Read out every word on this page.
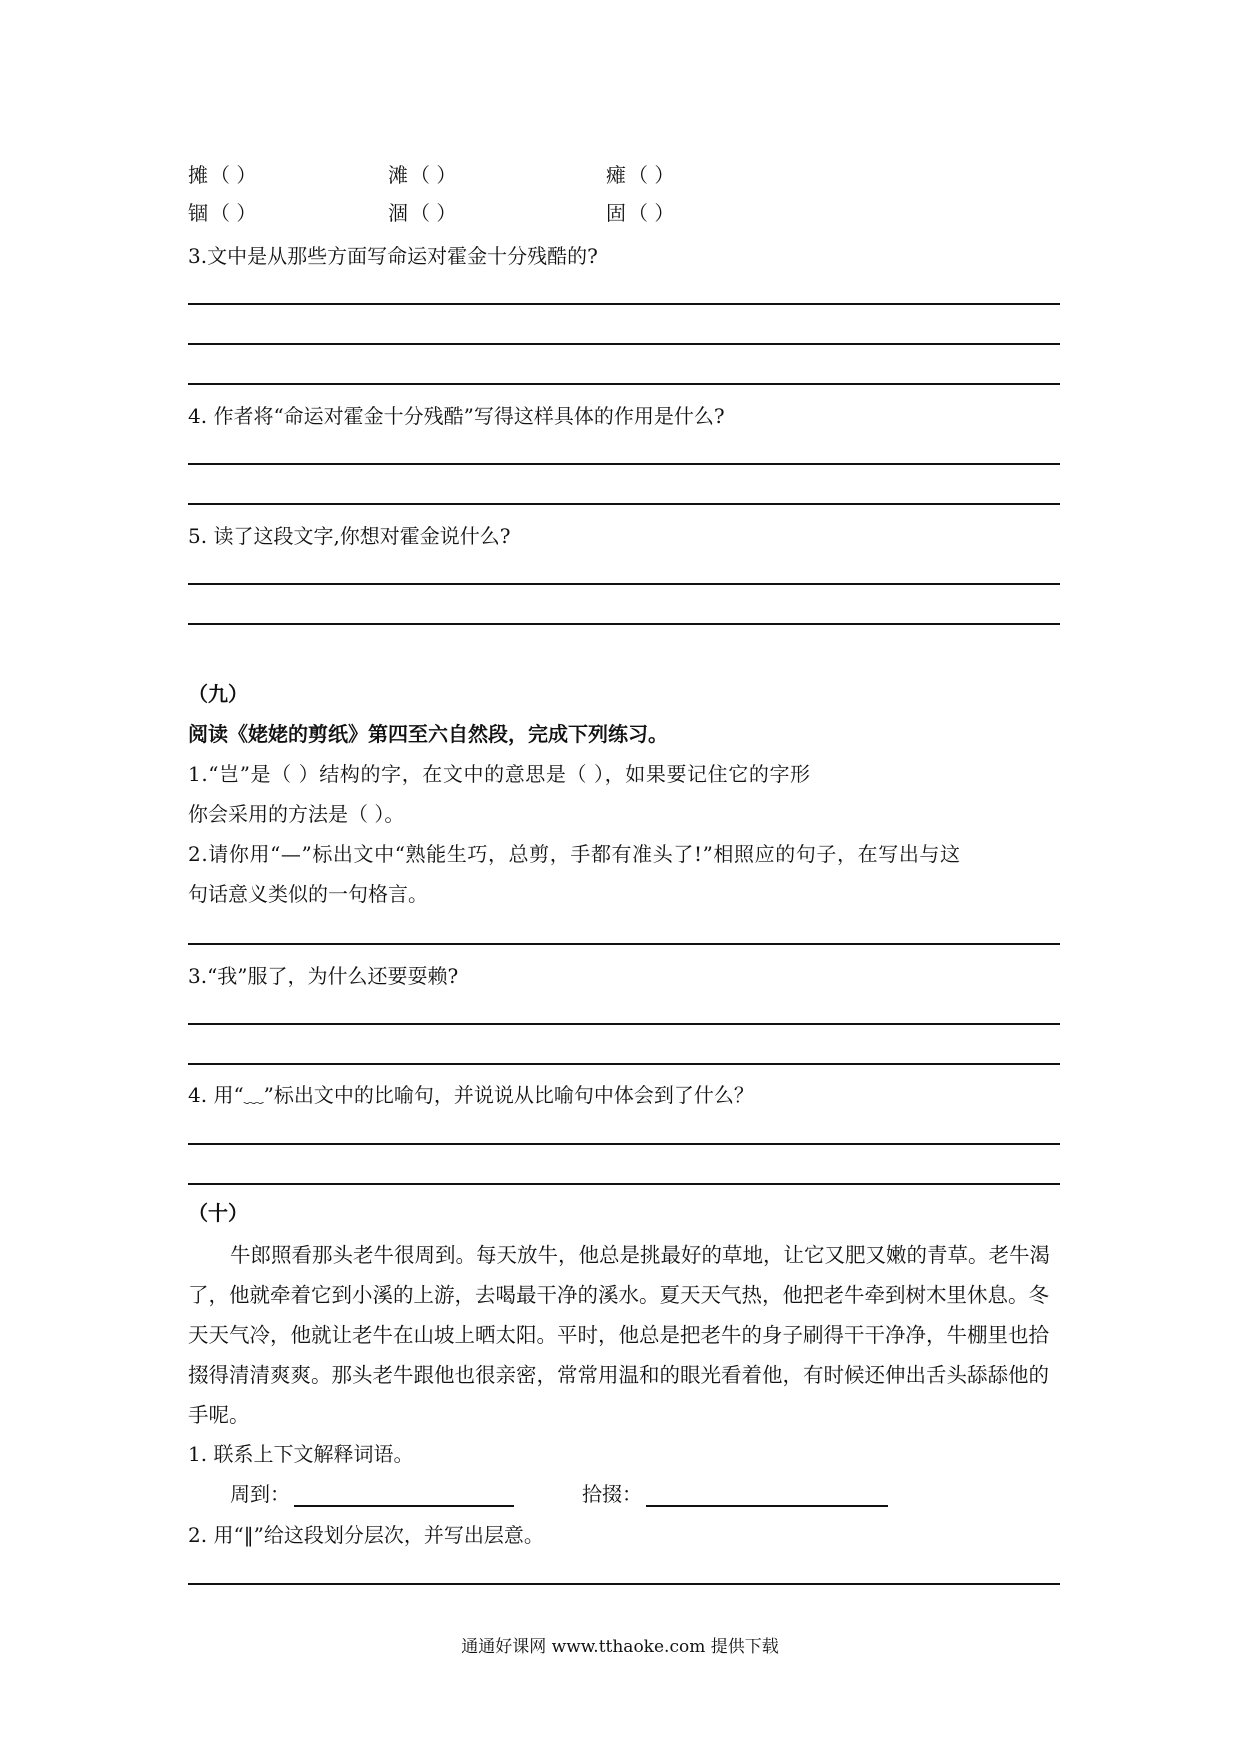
摊 （ ）	滩 （ ）	瘫 （ ）
锢 （ ）	涸 （ ）	固 （ ）
3.文中是从那些方面写命运对霍金十分残酷的?
4. 作者将“命运对霍金十分残酷”写得这样具体的作用是什么?
5. 读了这段文字,你想对霍金说什么?
（九）
阅读《姥姥的剪纸》第四至六自然段，完成下列练习。
1.“岂”是（ ）结构的字，在文中的意思是（ ），如果要记住它的字形
你会采用的方法是（ ）。
2.请你用“—”标出文中“熟能生巧，总剪，手都有准头了!”相照应的句子，在写出与这
句话意义类似的一句格言。
3.“我”服了，为什么还要耍赖?
4. 用“﹏”标出文中的比喻句，并说说从比喻句中体会到了什么？
（十）
牛郎照看那头老牛很周到。每天放牛，他总是挑最好的草地，让它又肥又嫩的青草。老牛渴了，他就牵着它到小溪的上游，去喝最干净的溪水。夏天天气热，他把老牛牵到树木里休息。冬天天气冷，他就让老牛在山坡上晒太阳。平时，他总是把老牛的身子刷得干干净净，牛棚里也拾掇得清清爽爽。那头老牛跟他也很亲密，常常用温和的眼光看着他，有时候还伸出舌头舔舔他的手呢。
1. 联系上下文解释词语。
周到：	拾掇：
2. 用“‖”给这段划分层次，并写出层意。
通通好课网 www.tthaoke.com 提供下载
